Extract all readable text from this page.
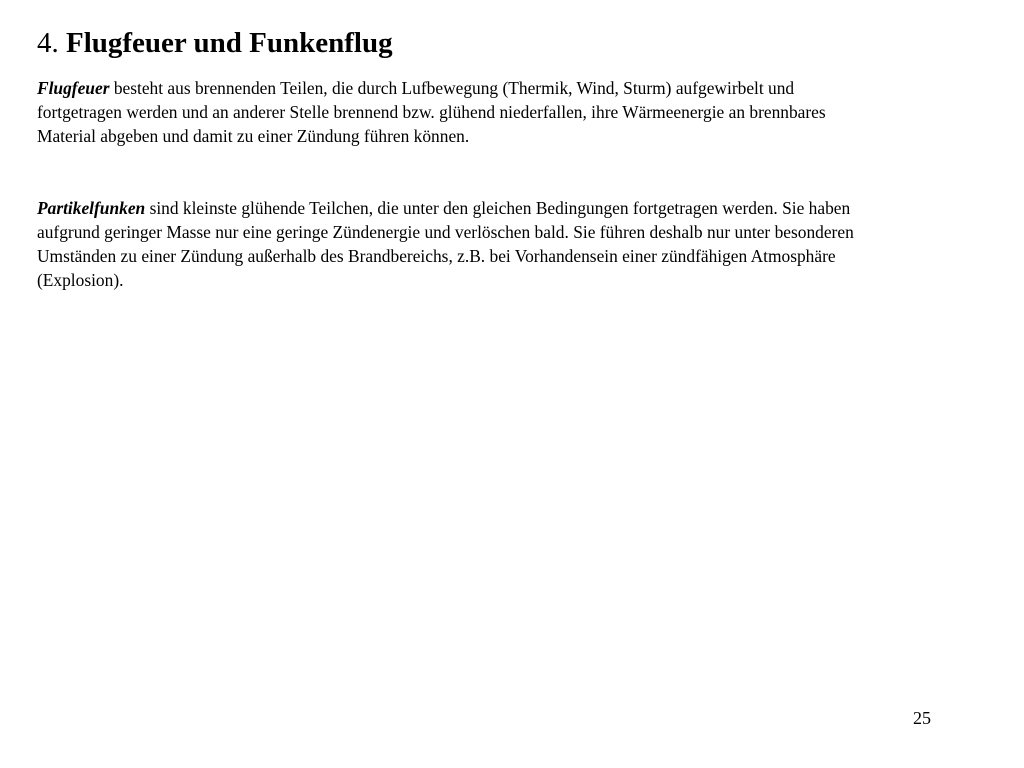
4. Flugfeuer und Funkenflug

Flugfeuer besteht aus brennenden Teilen, die durch Lufbewegung (Thermik, Wind, Sturm) aufgewirbelt und
fortgetragen werden und an anderer Stelle brennend bzw. glühend niederfallen, ihre Wärmeenergie an brennbares
Material abgeben und damit zu einer Zündung führen können.

Partikelfunken sind kleinste glühende Teilchen, die unter den gleichen Bedingungen fortgetragen werden. Sie haben
aufgrund geringer Masse nur eine geringe Zündenergie und verlöschen bald. Sie führen deshalb nur unter besonderen
Umständen zu einer Zündung außerhalb des Brandbereichs, z.B. bei Vorhandensein einer zündfähigen Atmosphäre
(Explosion).

25
